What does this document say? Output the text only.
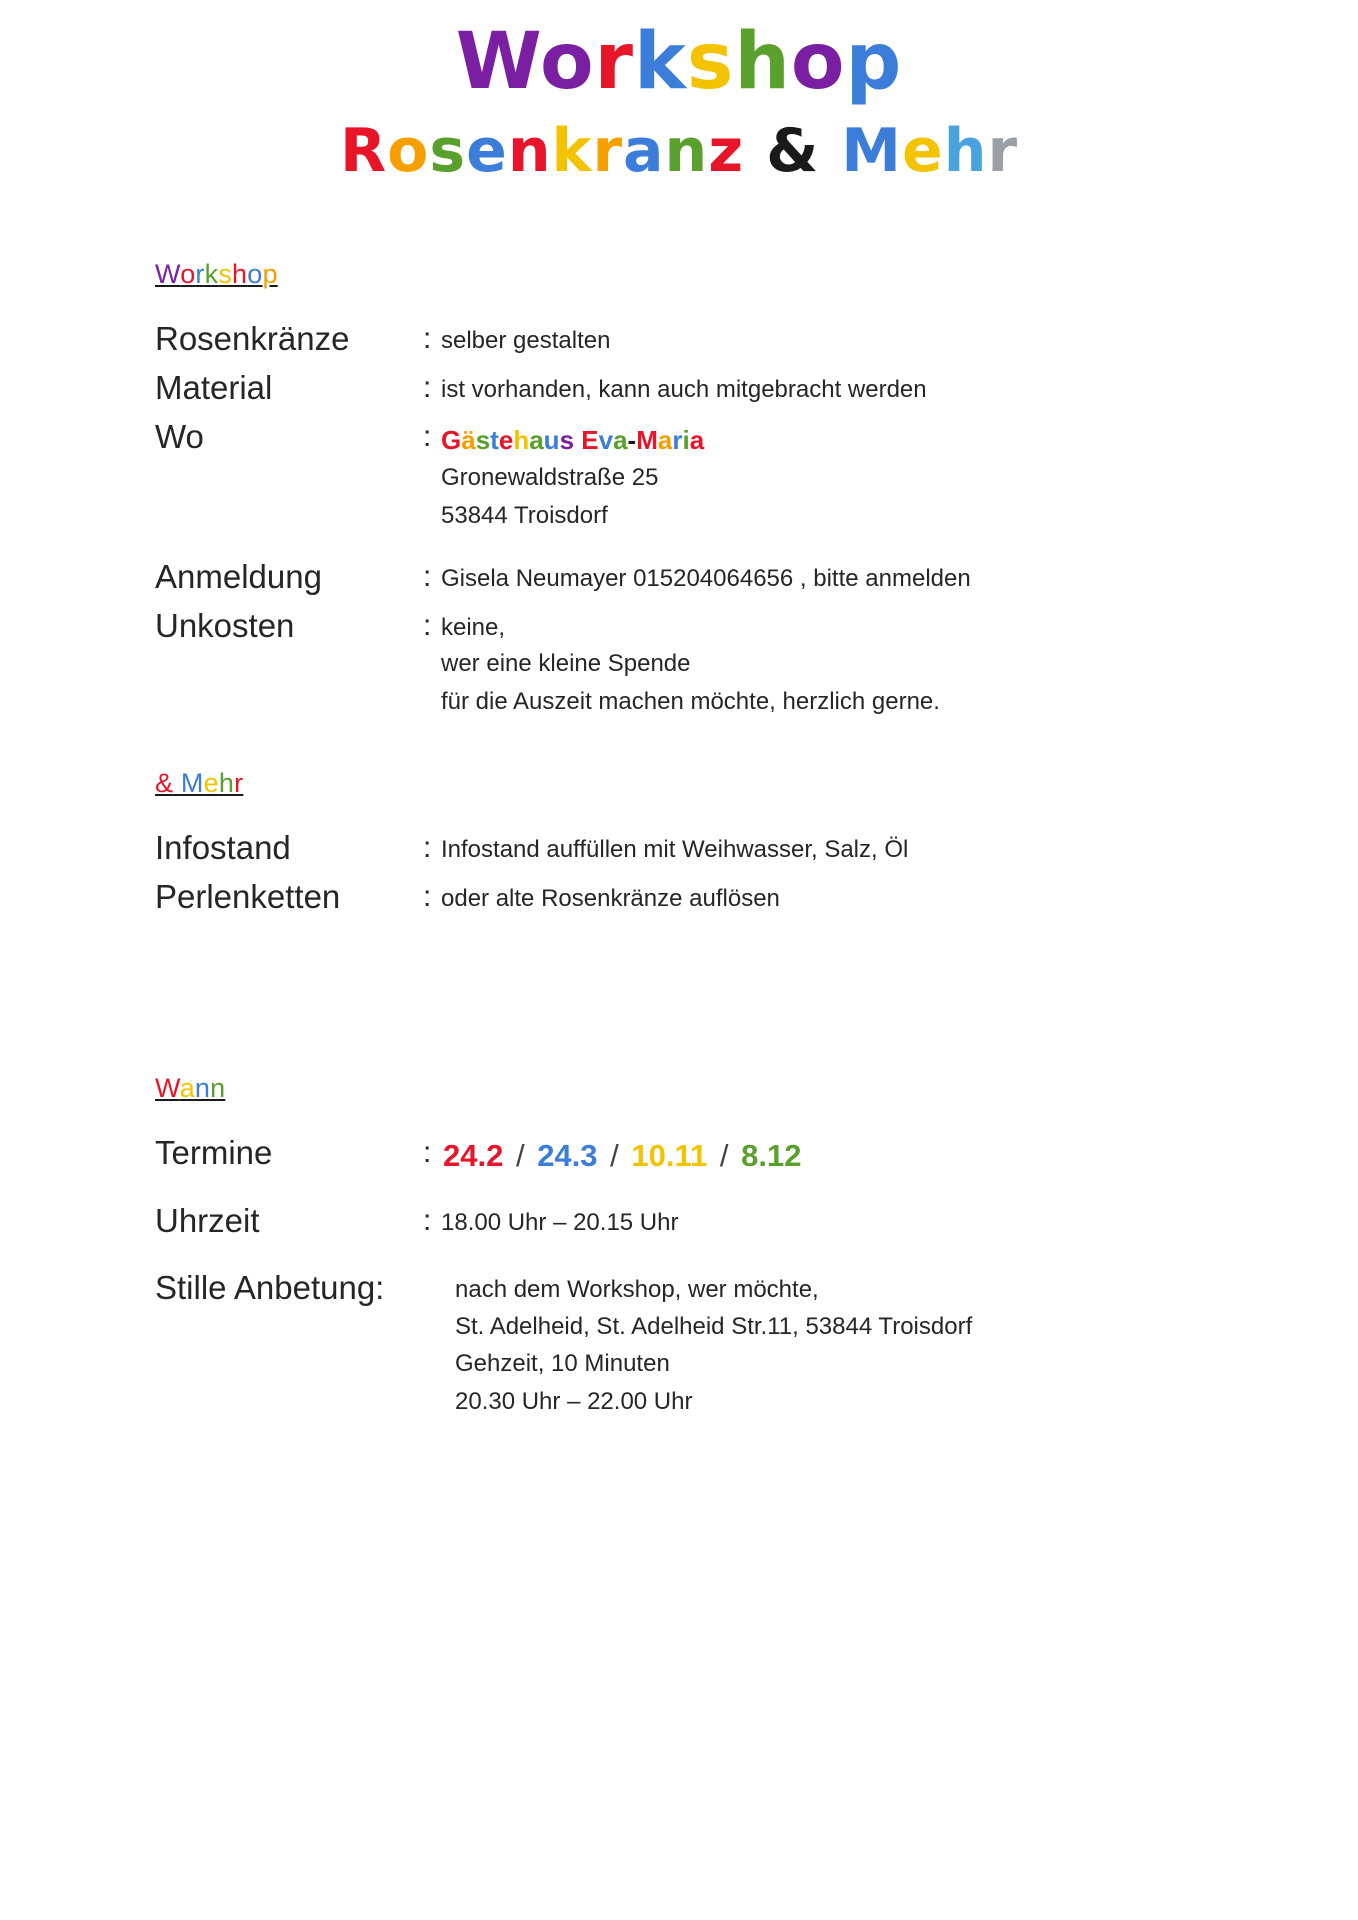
Workshop
Rosenkranz & Mehr
Workshop
Rosenkränze	: selber gestalten
Material	: ist vorhanden, kann auch mitgebracht werden
Wo	: Gästehaus Eva-Maria
Gronewaldstraße 25
53844 Troisdorf
Anmeldung	: Gisela Neumayer 015204064656 , bitte anmelden
Unkosten	: keine,
wer eine kleine Spende
für die Auszeit machen möchte, herzlich gerne.
& Mehr
Infostand	: Infostand auffüllen mit Weihwasser, Salz, Öl
Perlenketten	: oder alte Rosenkränze auflösen
Wann
Termine	: 24.2 / 24.3 / 10.11 / 8.12
Uhrzeit	: 18.00 Uhr – 20.15 Uhr
Stille Anbetung:	nach dem Workshop, wer möchte,
St. Adelheid, St. Adelheid Str.11, 53844 Troisdorf
Gehzeit, 10 Minuten
20.30 Uhr – 22.00 Uhr
